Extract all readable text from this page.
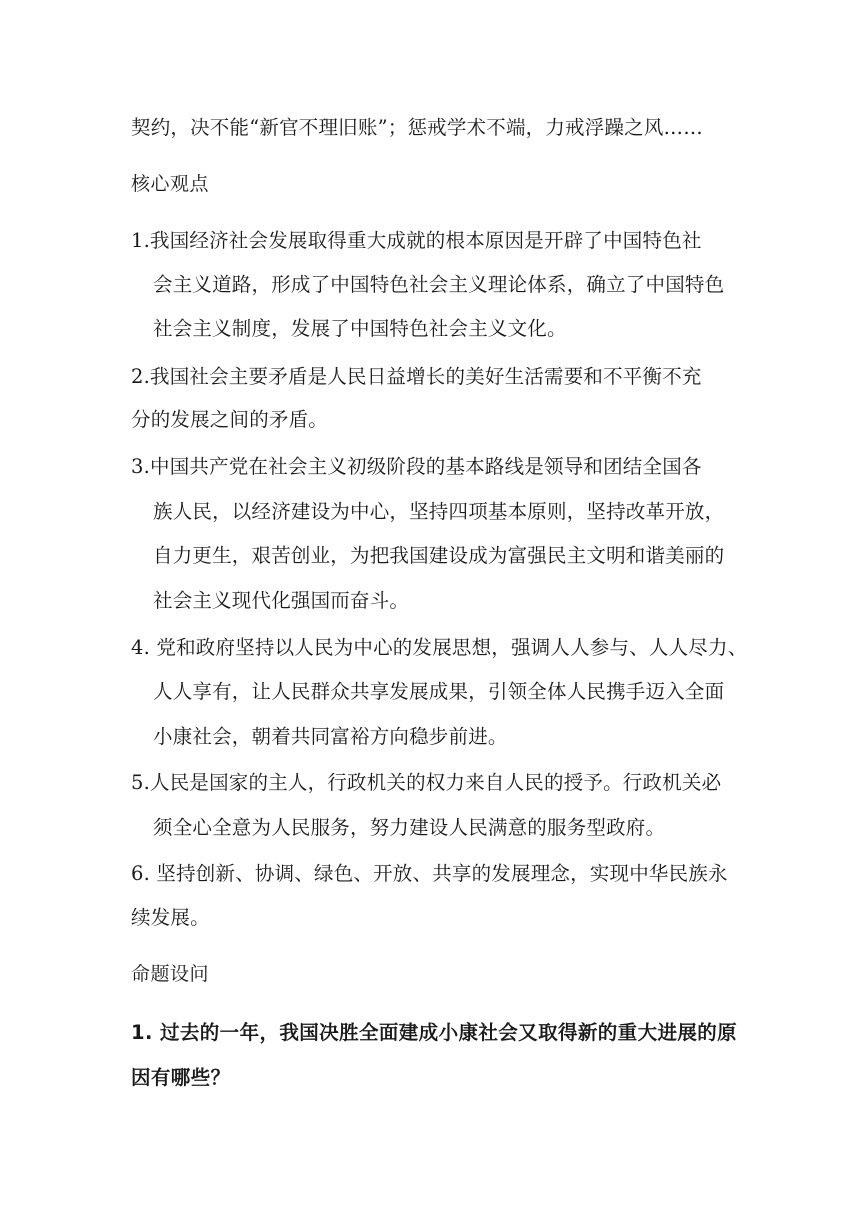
契约，决不能“新官不理旧账”；惩戒学术不端，力戒浮躁之风……
核心观点
1.我国经济社会发展取得重大成就的根本原因是开辟了中国特色社
会主义道路，形成了中国特色社会主义理论体系，确立了中国特色
社会主义制度，发展了中国特色社会主义文化。
2.我国社会主要矛盾是人民日益增长的美好生活需要和不平衡不充
分的发展之间的矛盾。
3.中国共产党在社会主义初级阶段的基本路线是领导和团结全国各
族人民，以经济建设为中心，坚持四项基本原则，坚持改革开放，
自力更生，艰苦创业，为把我国建设成为富强民主文明和谐美丽的
社会主义现代化强国而奋斗。
4. 党和政府坚持以人民为中心的发展思想，强调人人参与、人人尽力、
人人享有，让人民群众共享发展成果，引领全体人民携手迈入全面
小康社会，朝着共同富裕方向稳步前进。
5.人民是国家的主人，行政机关的权力来自人民的授予。行政机关必
须全心全意为人民服务，努力建设人民满意的服务型政府。
6. 坚持创新、协调、绿色、开放、共享的发展理念，实现中华民族永
续发展。
命题设问
1. 过去的一年，我国决胜全面建成小康社会又取得新的重大进展的原
因有哪些？
